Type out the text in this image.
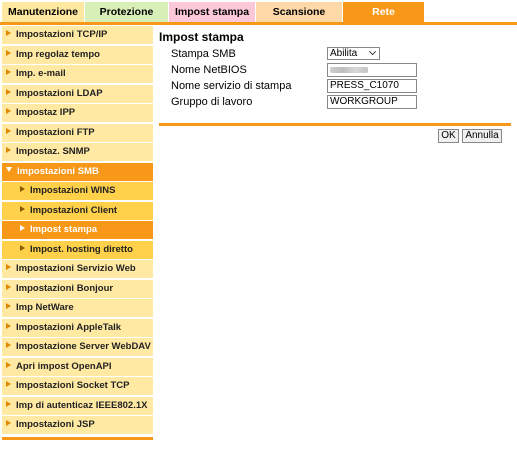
Manutenzione	Protezione	Impost stampa	Scansione	Rete
Impostazioni TCP/IP
Imp regolaz tempo
Imp. e-mail
Impostazioni LDAP
Impostaz IPP
Impostazioni FTP
Impostaz. SNMP
Impostazioni SMB
Impostazioni WINS
Impostazioni Client
Impost stampa
Impost. hosting diretto
Impostazioni Servizio Web
Impostazioni Bonjour
Imp NetWare
Impostazioni AppleTalk
Impostazione Server WebDAV
Apri impost OpenAPI
Impostazioni Socket TCP
Imp di autenticaz IEEE802.1X
Impostazioni JSP
Impost stampa
Stampa SMB	Abilita
Nome NetBIOS
Nome servizio di stampa	PRESS_C1070
Gruppo di lavoro	WORKGROUP
OK Annulla
